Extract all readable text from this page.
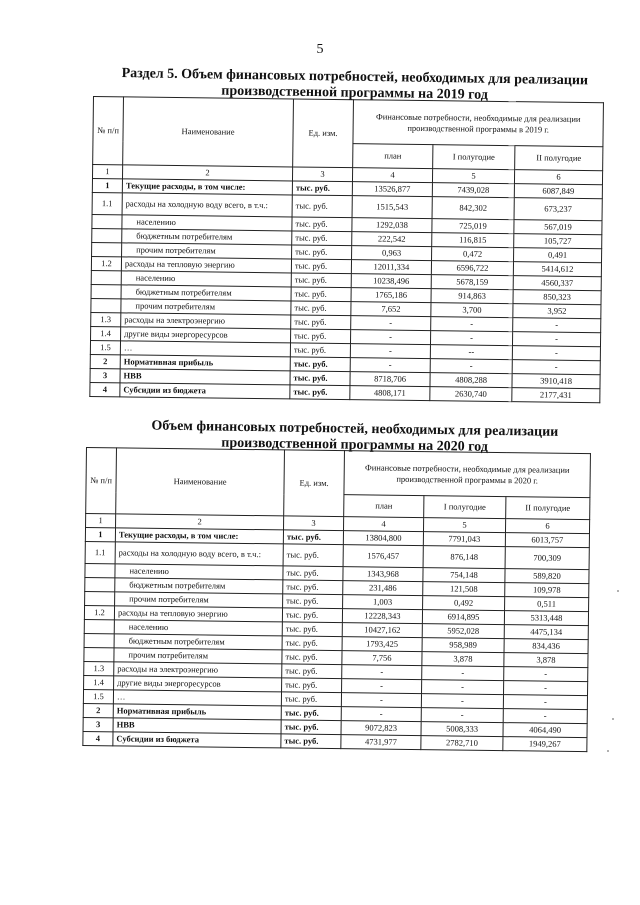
5
Раздел 5. Объем финансовых потребностей, необходимых для реализации
производственной программы на 2019 год
№ п/п	Наименование	Ед. изм.	Финансовые потребности, необходимые для реализации производственной программы в 2019 г.		
			план	I полугодие	II полугодие
1	2	3	4	5	6
1	Текущие расходы, в том числе:	тыс. руб.	13526,877	7439,028	6087,849
1.1	расходы на холодную воду всего, в т.ч.:	тыс. руб.	1515,543	842,302	673,237
	населению	тыс. руб.	1292,038	725,019	567,019
	бюджетным потребителям	тыс. руб.	222,542	116,815	105,727
	прочим потребителям	тыс. руб.	0,963	0,472	0,491
1.2	расходы на тепловую энергию	тыс. руб.	12011,334	6596,722	5414,612
	населению	тыс. руб.	10238,496	5678,159	4560,337
	бюджетным потребителям	тыс. руб.	1765,186	914,863	850,323
	прочим потребителям	тыс. руб.	7,652	3,700	3,952
1.3	расходы на электроэнергию	тыс. руб.	-	-	-
1.4	другие виды энергоресурсов	тыс. руб.	-	-	-
1.5	…	тыс. руб.	-	--	-
2	Нормативная прибыль	тыс. руб.	-	-	-
3	НВВ	тыс. руб.	8718,706	4808,288	3910,418
4	Субсидии из бюджета	тыс. руб.	4808,171	2630,740	2177,431
Объем финансовых потребностей, необходимых для реализации
производственной программы на 2020 год
№ п/п	Наименование	Ед. изм.	Финансовые потребности, необходимые для реализации производственной программы в 2020 г.		
			план	I полугодие	II полугодие
1	2	3	4	5	6
1	Текущие расходы, в том числе:	тыс. руб.	13804,800	7791,043	6013,757
1.1	расходы на холодную воду всего, в т.ч.:	тыс. руб.	1576,457	876,148	700,309
	населению	тыс. руб.	1343,968	754,148	589,820
	бюджетным потребителям	тыс. руб.	231,486	121,508	109,978
	прочим потребителям	тыс. руб.	1,003	0,492	0,511
1.2	расходы на тепловую энергию	тыс. руб.	12228,343	6914,895	5313,448
	населению	тыс. руб.	10427,162	5952,028	4475,134
	бюджетным потребителям	тыс. руб.	1793,425	958,989	834,436
	прочим потребителям	тыс. руб.	7,756	3,878	3,878
1.3	расходы на электроэнергию	тыс. руб.	-	-	-
1.4	другие виды энергоресурсов	тыс. руб.	-	-	-
1.5	…	тыс. руб.	-	-	-
2	Нормативная прибыль	тыс. руб.	-	-	-
3	НВВ	тыс. руб.	9072,823	5008,333	4064,490
4	Субсидии из бюджета	тыс. руб.	4731,977	2782,710	1949,267
